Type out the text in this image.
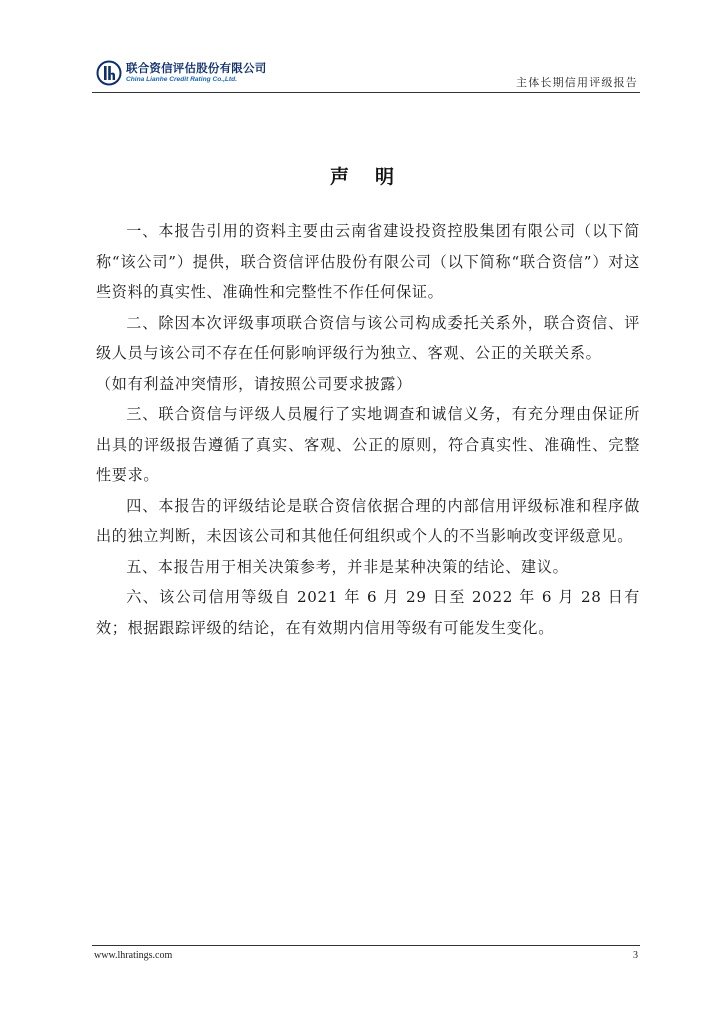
联合资信评估股份有限公司
China Lianhe Credit Rating Co.,Ltd.	主体长期信用评级报告
声明

一、本报告引用的资料主要由云南省建设投资控股集团有限公司（以下简称“该公司”）提供，联合资信评估股份有限公司（以下简称“联合资信”）对这些资料的真实性、准确性和完整性不作任何保证。

二、除因本次评级事项联合资信与该公司构成委托关系外，联合资信、评级人员与该公司不存在任何影响评级行为独立、客观、公正的关联关系。

（如有利益冲突情形，请按照公司要求披露）

三、联合资信与评级人员履行了实地调查和诚信义务，有充分理由保证所出具的评级报告遵循了真实、客观、公正的原则，符合真实性、准确性、完整性要求。

四、本报告的评级结论是联合资信依据合理的内部信用评级标准和程序做出的独立判断，未因该公司和其他任何组织或个人的不当影响改变评级意见。

五、本报告用于相关决策参考，并非是某种决策的结论、建议。

六、该公司信用等级自 2021 年 6 月 29 日至 2022 年 6 月 28 日有效；根据跟踪评级的结论，在有效期内信用等级有可能发生变化。

www.lhratings.com	3
